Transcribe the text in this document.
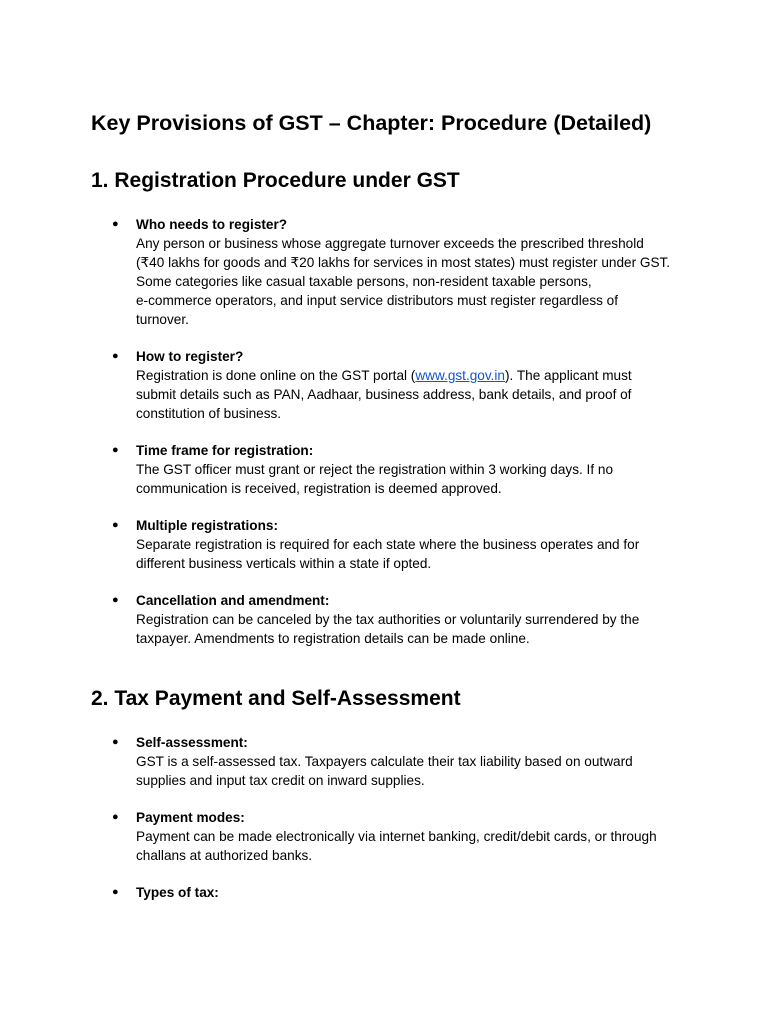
Key Provisions of GST – Chapter: Procedure (Detailed)
1. Registration Procedure under GST
● Who needs to register?
Any person or business whose aggregate turnover exceeds the prescribed threshold
(₹40 lakhs for goods and ₹20 lakhs for services in most states) must register under GST.
Some categories like casual taxable persons, non-resident taxable persons,
e-commerce operators, and input service distributors must register regardless of
turnover.
● How to register?
Registration is done online on the GST portal (www.gst.gov.in). The applicant must
submit details such as PAN, Aadhaar, business address, bank details, and proof of
constitution of business.
● Time frame for registration:
The GST officer must grant or reject the registration within 3 working days. If no
communication is received, registration is deemed approved.
● Multiple registrations:
Separate registration is required for each state where the business operates and for
different business verticals within a state if opted.
● Cancellation and amendment:
Registration can be canceled by the tax authorities or voluntarily surrendered by the
taxpayer. Amendments to registration details can be made online.
2. Tax Payment and Self-Assessment
● Self-assessment:
GST is a self-assessed tax. Taxpayers calculate their tax liability based on outward
supplies and input tax credit on inward supplies.
● Payment modes:
Payment can be made electronically via internet banking, credit/debit cards, or through
challans at authorized banks.
● Types of tax:
